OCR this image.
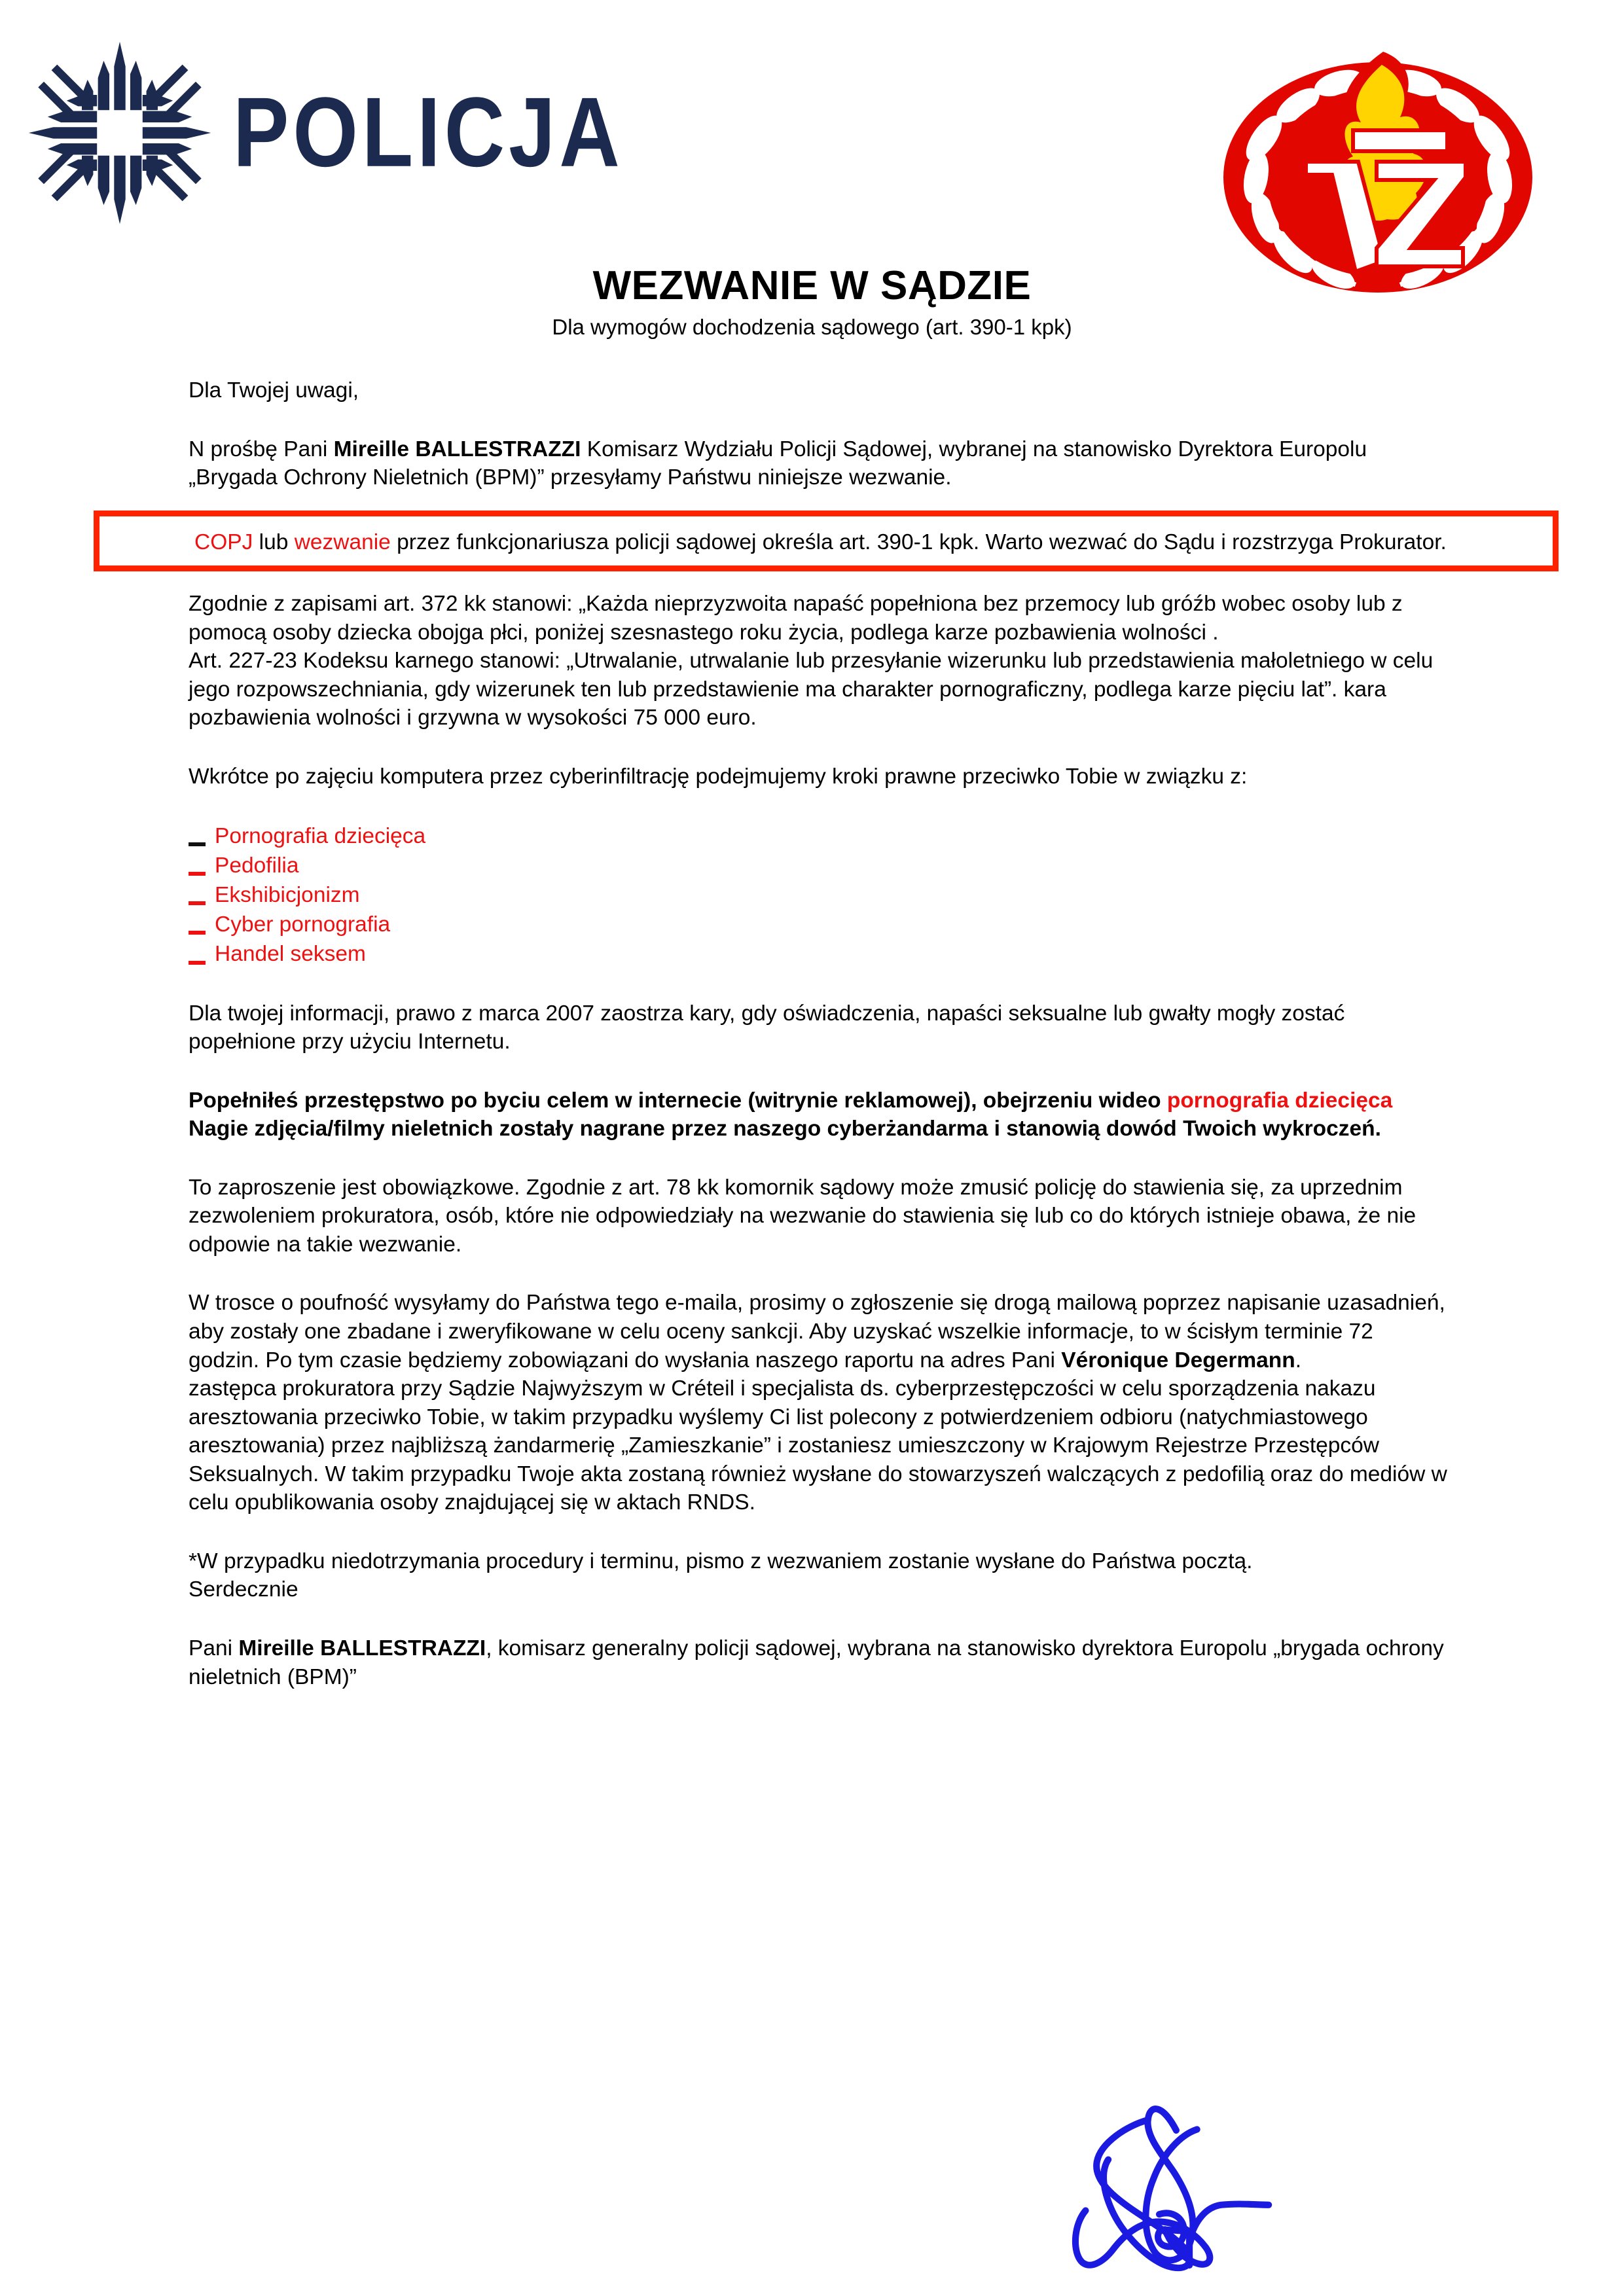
POLICJA
WEZWANIE W SĄDZIE
Dla wymogów dochodzenia sądowego (art. 390-1 kpk)

Dla Twojej uwagi,

N prośbę Pani Mireille BALLESTRAZZI Komisarz Wydziału Policji Sądowej, wybranej na stanowisko Dyrektora Europolu „Brygada Ochrony Nieletnich (BPM)” przesyłamy Państwu niniejsze wezwanie.

COPJ lub wezwanie przez funkcjonariusza policji sądowej określa art. 390-1 kpk. Warto wezwać do Sądu i rozstrzyga Prokurator.

Zgodnie z zapisami art. 372 kk stanowi: „Każda nieprzyzwoita napaść popełniona bez przemocy lub gróźb wobec osoby lub z pomocą osoby dziecka obojga płci, poniżej szesnastego roku życia, podlega karze pozbawienia wolności .

Art. 227-23 Kodeksu karnego stanowi: „Utrwalanie, utrwalanie lub przesyłanie wizerunku lub przedstawienia małoletniego w celu jego rozpowszechniania, gdy wizerunek ten lub przedstawienie ma charakter pornograficzny, podlega karze pięciu lat”. kara pozbawienia wolności i grzywna w wysokości 75 000 euro.

Wkrótce po zajęciu komputera przez cyberinfiltrację podejmujemy kroki prawne przeciwko Tobie w związku z:

Pornografia dziecięca
Pedofilia
Ekshibicjonizm
Cyber pornografia
Handel seksem

Dla twojej informacji, prawo z marca 2007 zaostrza kary, gdy oświadczenia, napaści seksualne lub gwałty mogły zostać popełnione przy użyciu Internetu.

Popełniłeś przestępstwo po byciu celem w internecie (witrynie reklamowej), obejrzeniu wideo pornografia dziecięca Nagie zdjęcia/filmy nieletnich zostały nagrane przez naszego cyberżandarma i stanowią dowód Twoich wykroczeń.

To zaproszenie jest obowiązkowe. Zgodnie z art. 78 kk komornik sądowy może zmusić policję do stawienia się, za uprzednim zezwoleniem prokuratora, osób, które nie odpowiedziały na wezwanie do stawienia się lub co do których istnieje obawa, że nie odpowie na takie wezwanie.

W trosce o poufność wysyłamy do Państwa tego e-maila, prosimy o zgłoszenie się drogą mailową poprzez napisanie uzasadnień, aby zostały one zbadane i zweryfikowane w celu oceny sankcji. Aby uzyskać wszelkie informacje, to w ścisłym terminie 72 godzin. Po tym czasie będziemy zobowiązani do wysłania naszego raportu na adres Pani Véronique Degermann.

zastępca prokuratora przy Sądzie Najwyższym w Créteil i specjalista ds. cyberprzestępczości w celu sporządzenia nakazu aresztowania przeciwko Tobie, w takim przypadku wyślemy Ci list polecony z potwierdzeniem odbioru (natychmiastowego aresztowania) przez najbliższą żandarmerię „Zamieszkanie” i zostaniesz umieszczony w Krajowym Rejestrze Przestępców Seksualnych. W takim przypadku Twoje akta zostaną również wysłane do stowarzyszeń walczących z pedofilią oraz do mediów w celu opublikowania osoby znajdującej się w aktach RNDS.

*W przypadku niedotrzymania procedury i terminu, pismo z wezwaniem zostanie wysłane do Państwa pocztą.

Serdecznie

Pani Mireille BALLESTRAZZI, komisarz generalny policji sądowej, wybrana na stanowisko dyrektora Europolu „brygada ochrony nieletnich (BPM)”
